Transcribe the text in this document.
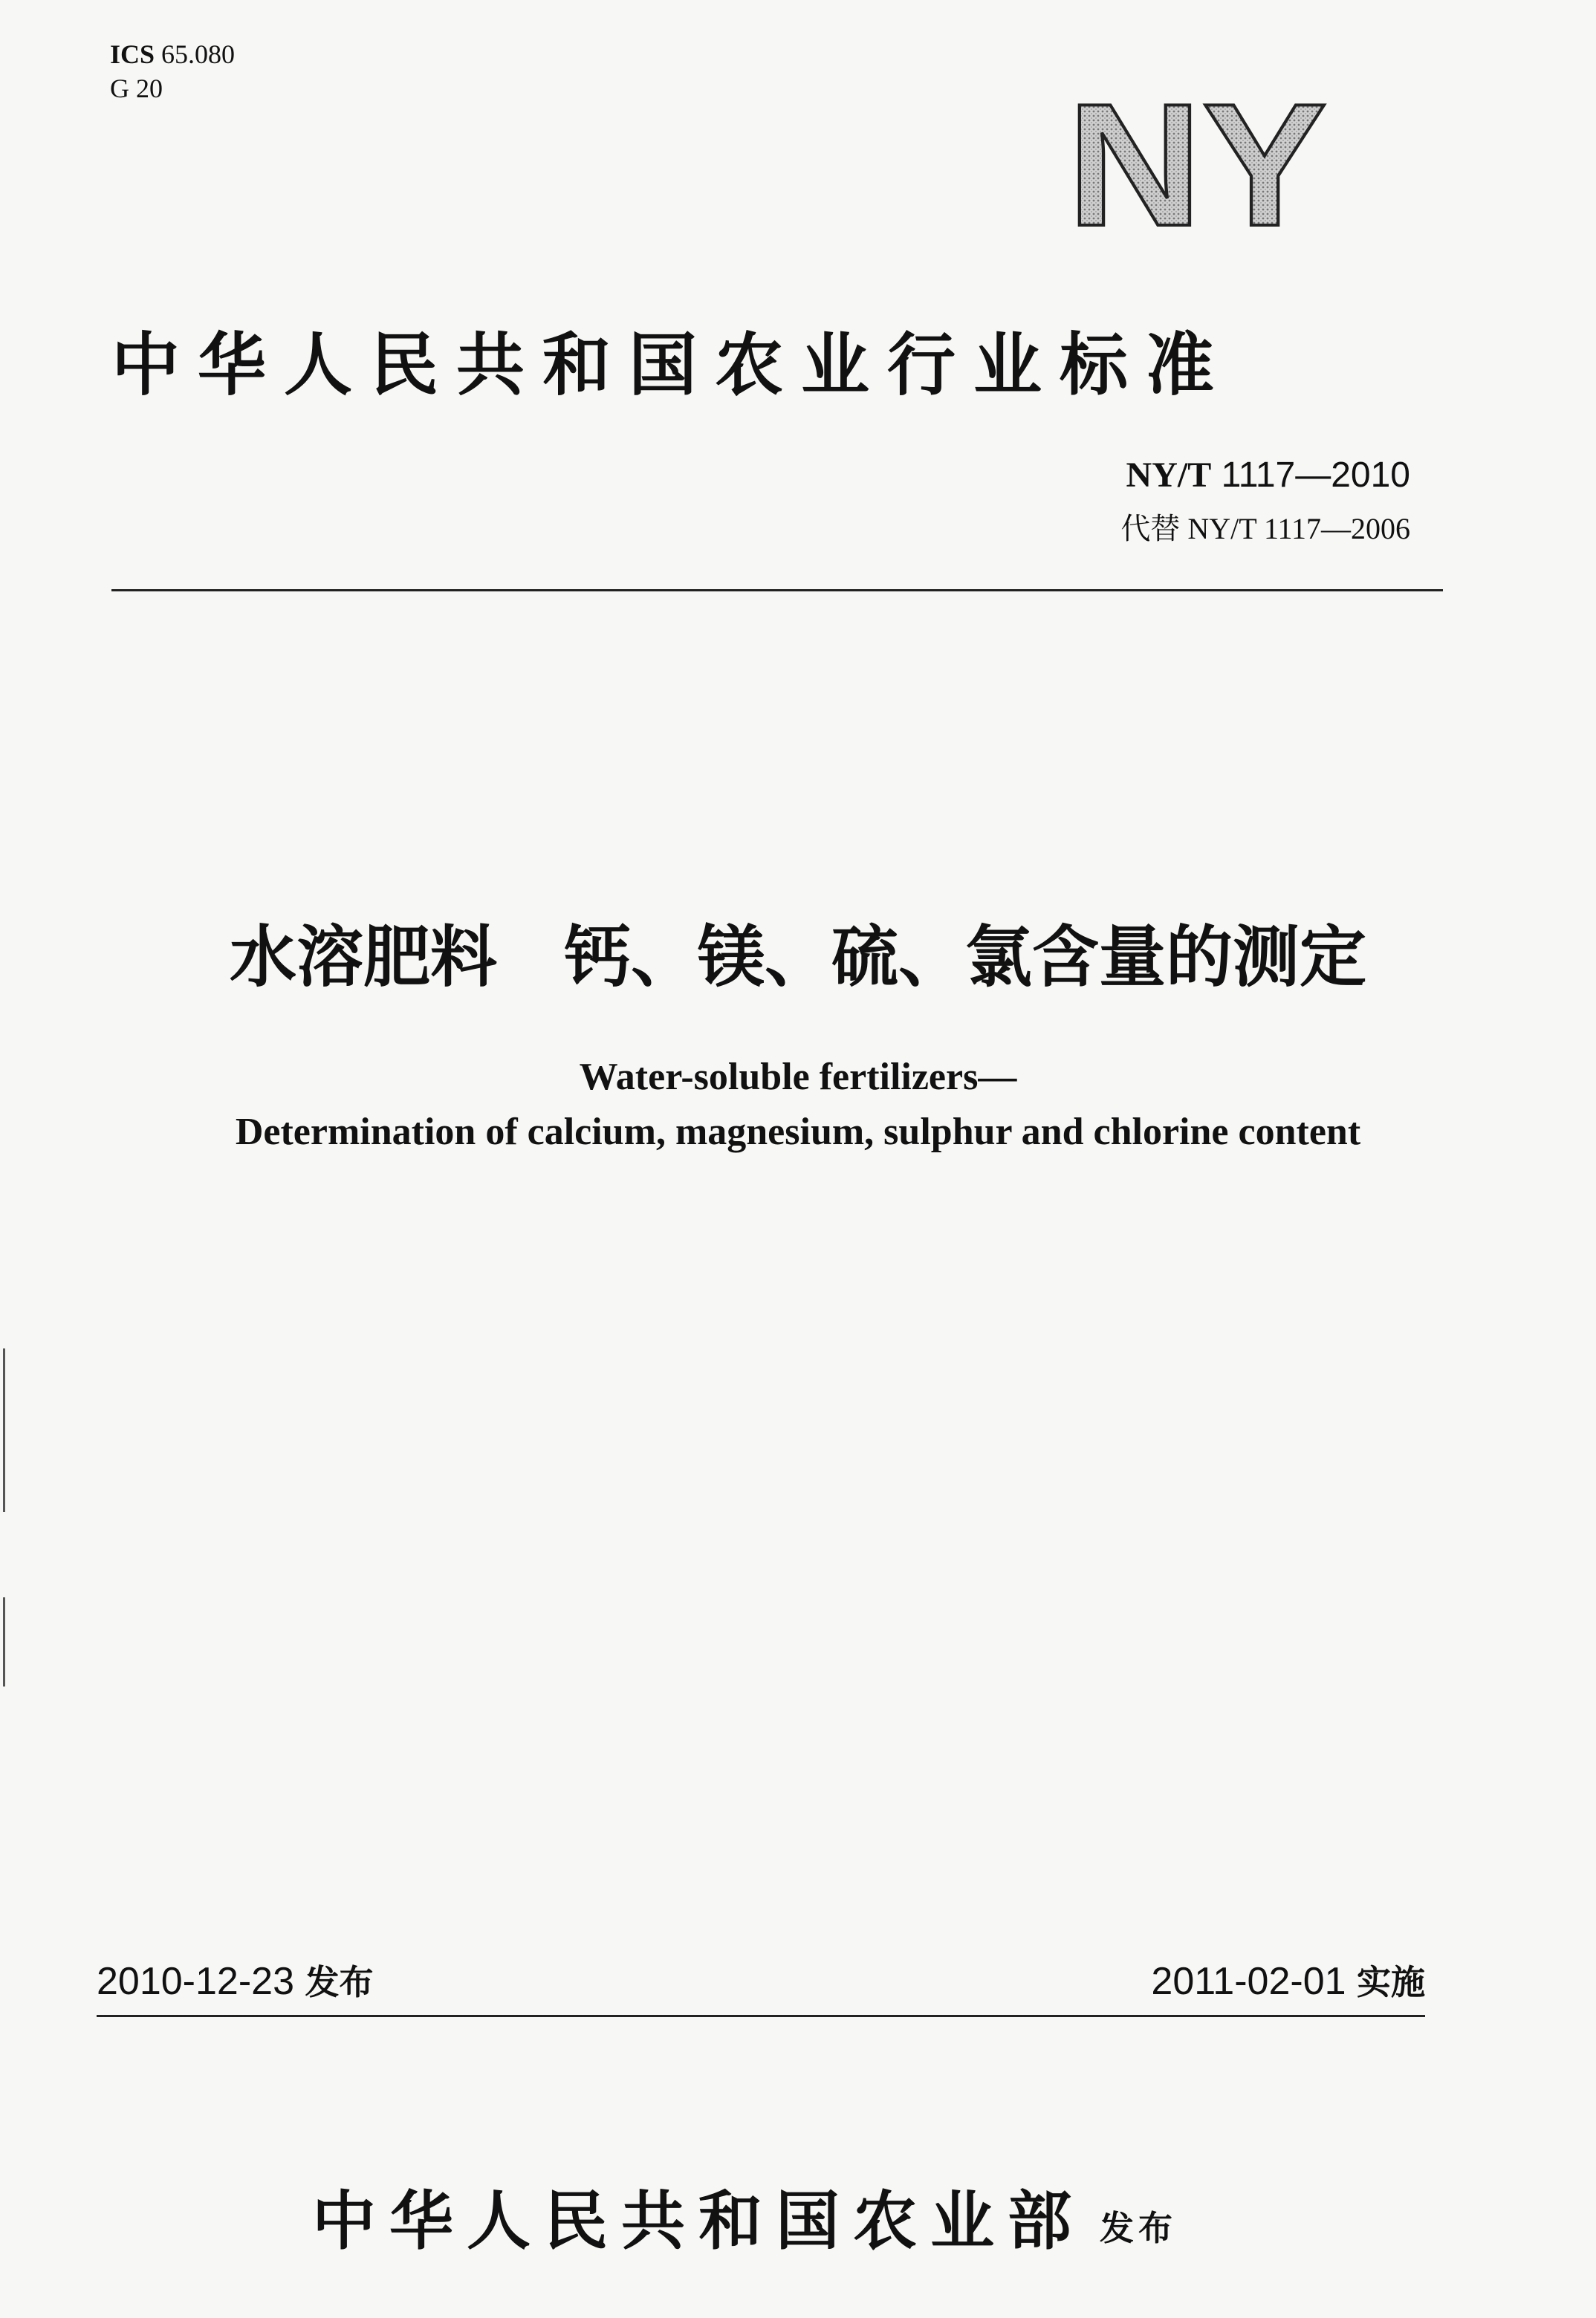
ICS 65.080
G 20	NY
中华人民共和国农业行业标准
NY/T 1117—2010
代替 NY/T 1117—2006
水溶肥料　钙、镁、硫、氯含量的测定
Water-soluble fertilizers—
Determination of calcium, magnesium, sulphur and chlorine content
2010-12-23 发布	2011-02-01 实施
中华人民共和国农业部 发布
